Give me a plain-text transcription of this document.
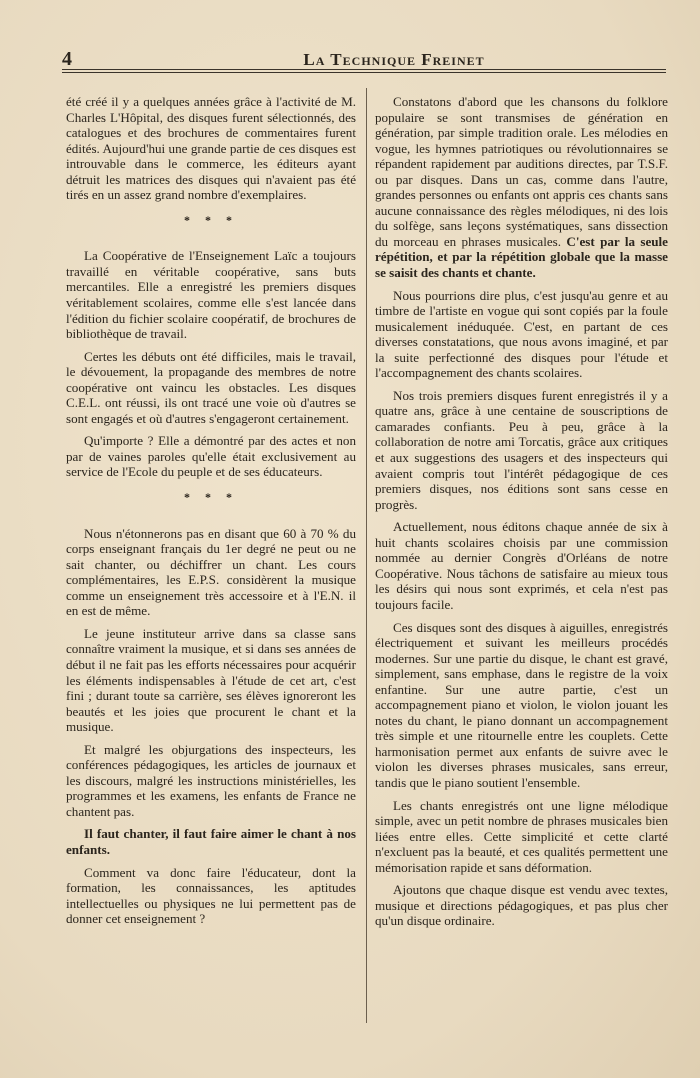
4	La Technique Freinet

été créé il y a quelques années grâce à l'activité de M. Charles L'Hôpital, des disques furent sélectionnés, des catalogues et des brochures de commentaires furent édités. Aujourd'hui une grande partie de ces disques est introuvable dans le commerce, les éditeurs ayant détruit les matrices des disques qui n'avaient pas été tirés en un assez grand nombre d'exemplaires.

* * *

La Coopérative de l'Enseignement Laïc a toujours travaillé en véritable coopérative, sans buts mercantiles. Elle a enregistré les premiers disques véritablement scolaires, comme elle s'est lancée dans l'édition du fichier scolaire coopératif, de brochures de bibliothèque de travail.

Certes les débuts ont été difficiles, mais le travail, le dévouement, la propagande des membres de notre coopérative ont vaincu les obstacles. Les disques C.E.L. ont réussi, ils ont tracé une voie où d'autres se sont engagés et où d'autres s'engageront certainement.

Qu'importe ? Elle a démontré par des actes et non par de vaines paroles qu'elle était exclusivement au service de l'Ecole du peuple et de ses éducateurs.

* * *

Nous n'étonnerons pas en disant que 60 à 70 % du corps enseignant français du 1er degré ne peut ou ne sait chanter, ou déchiffrer un chant. Les cours complémentaires, les E.P.S. considèrent la musique comme un enseignement très accessoire et à l'E.N. il en est de même.

Le jeune instituteur arrive dans sa classe sans connaître vraiment la musique, et si dans ses années de début il ne fait pas les efforts nécessaires pour acquérir les éléments indispensables à l'étude de cet art, c'est fini ; durant toute sa carrière, ses élèves ignoreront les beautés et les joies que procurent le chant et la musique.

Et malgré les objurgations des inspecteurs, les conférences pédagogiques, les articles de journaux et les discours, malgré les instructions ministérielles, les programmes et les examens, les enfants de France ne chantent pas.

Il faut chanter, il faut faire aimer le chant à nos enfants.

Comment va donc faire l'éducateur, dont la formation, les connaissances, les aptitudes intellectuelles ou physiques ne lui permettent pas de donner cet enseignement ?

Constatons d'abord que les chansons du folklore populaire se sont transmises de génération en génération, par simple tradition orale. Les mélodies en vogue, les hymnes patriotiques ou révolutionnaires se répandent rapidement par auditions directes, par T.S.F. ou par disques. Dans un cas, comme dans l'autre, grandes personnes ou enfants ont appris ces chants sans aucune connaissance des règles mélodiques, ni des lois du solfège, sans leçons systématiques, sans dissection du morceau en phrases musicales. C'est par la seule répétition, et par la répétition globale que la masse se saisit des chants et chante.

Nous pourrions dire plus, c'est jusqu'au genre et au timbre de l'artiste en vogue qui sont copiés par la foule musicalement inéduquée. C'est, en partant de ces diverses constatations, que nous avons imaginé, et par la suite perfectionné des disques pour l'étude et l'accompagnement des chants scolaires.

Nos trois premiers disques furent enregistrés il y a quatre ans, grâce à une centaine de souscriptions de camarades confiants. Peu à peu, grâce à la collaboration de notre ami Torcatis, grâce aux critiques et aux suggestions des usagers et des inspecteurs qui avaient compris tout l'intérêt pédagogique de ces premiers disques, nos éditions sont sans cesse en progrès.

Actuellement, nous éditons chaque année de six à huit chants scolaires choisis par une commission nommée au dernier Congrès d'Orléans de notre Coopérative. Nous tâchons de satisfaire au mieux tous les désirs qui nous sont exprimés, et cela n'est pas toujours facile.

Ces disques sont des disques à aiguilles, enregistrés électriquement et suivant les meilleurs procédés modernes. Sur une partie du disque, le chant est gravé, simplement, sans emphase, dans le registre de la voix enfantine. Sur une autre partie, c'est un accompagnement piano et violon, le violon jouant les notes du chant, le piano donnant un accompagnement très simple et une ritournelle entre les couplets. Cette harmonisation permet aux enfants de suivre avec le violon les diverses phrases musicales, sans erreur, tandis que le piano soutient l'ensemble.

Les chants enregistrés ont une ligne mélodique simple, avec un petit nombre de phrases musicales bien liées entre elles. Cette simplicité et cette clarté n'excluent pas la beauté, et ces qualités permettent une mémorisation rapide et sans déformation.

Ajoutons que chaque disque est vendu avec textes, musique et directions pédagogiques, et pas plus cher qu'un disque ordinaire.
